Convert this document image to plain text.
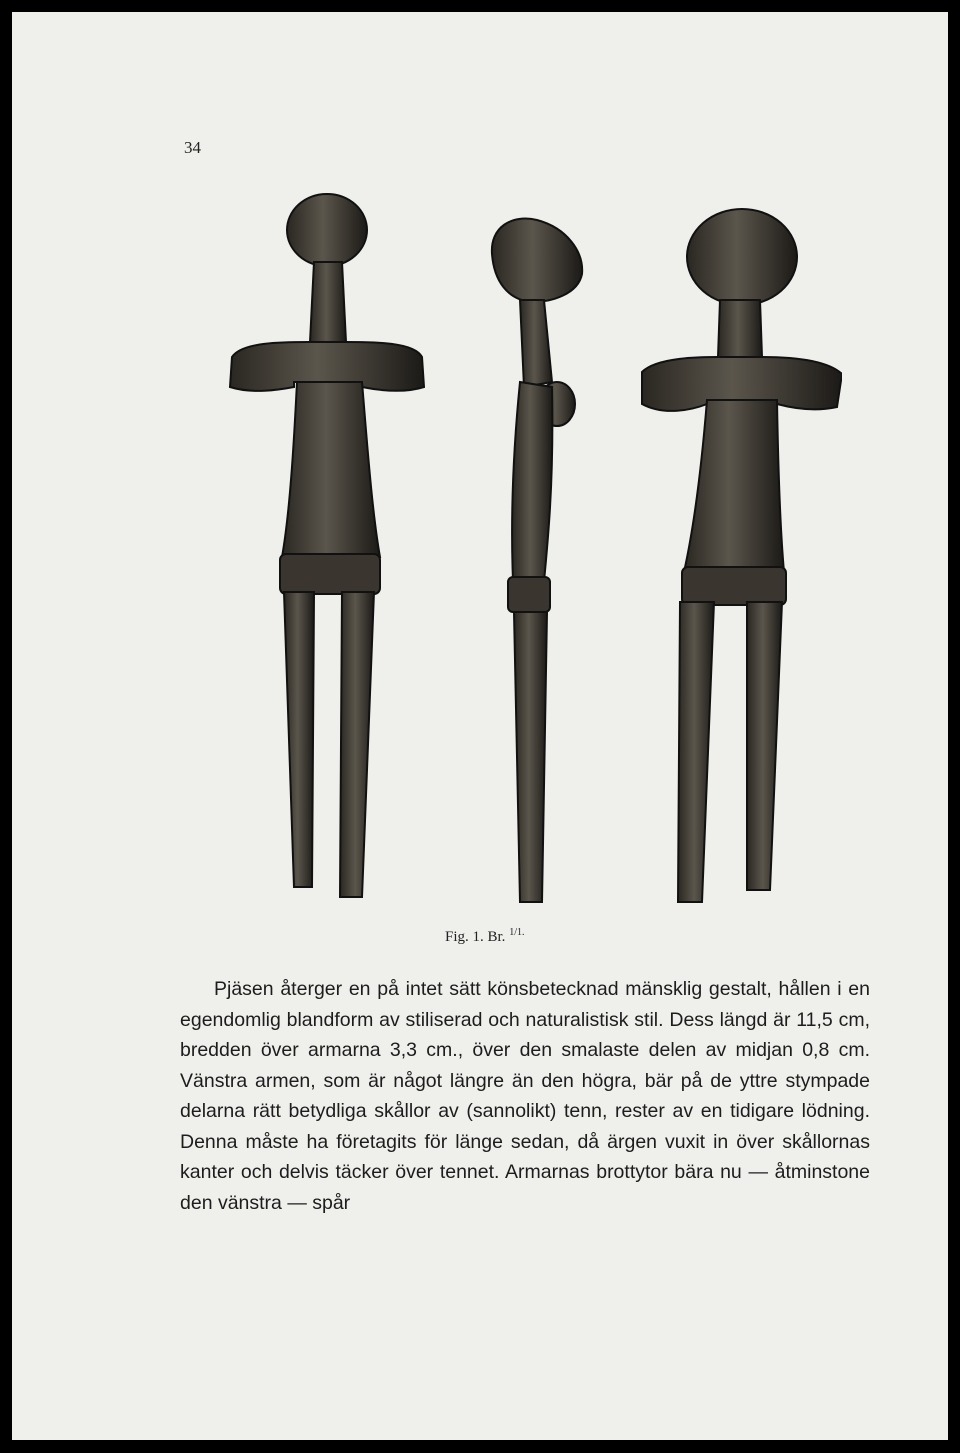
34
Fig. 1. Br. $^{1/1.}$

Pjäsen återger en på intet sätt könsbetecknad mänsklig gestalt, hållen i en egendomlig blandform av stiliserad och naturalistisk stil. Dess längd är 11,5 cm, bredden över armarna 3,3 cm., över den smalaste delen av midjan 0,8 cm. Vänstra armen, som är något längre än den högra, bär på de yttre stympade delarna rätt betydliga skållor av (sannolikt) tenn, rester av en tidigare lödning. Denna måste ha företagits för länge sedan, då ärgen vuxit in över skållornas kanter och delvis täcker över tennet. Armarnas brottytor bära nu — åtminstone den vänstra — spår
